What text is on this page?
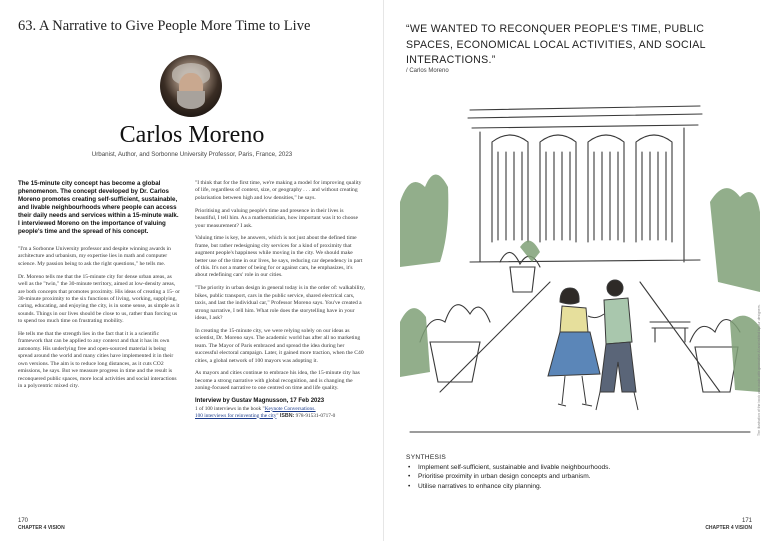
63. A Narrative to Give People More Time to Live
Carlos Moreno
Urbanist, Author, and Sorbonne University Professor, Paris, France, 2023

The 15-minute city concept has become a global phenomenon. The concept developed by Dr. Carlos Moreno promotes creating self-sufficient, sustainable, and livable neighbourhoods where people can access their daily needs and services within a 15-minute walk. I interviewed Moreno on the importance of valuing people's time and the spread of his concept.

"I'm a Sorbonne University professor and despite winning awards in architecture and urbanism, my expertise lies in math and computer science. My passion being to ask the right questions," he tells me.

Dr. Moreno tells me that the 15-minute city for dense urban areas, as well as the "twin," the 30-minute territory, aimed at low-density areas, are both concepts that promotes proximity. His ideas of creating a 15- or 30-minute proximity to the six functions of living, working, supplying, caring, educating, and enjoying the city, is in some sense, as simple as it sounds. Things in our lives should be close to us, rather than forcing us to spend too much time on frustrating mobility.

He tells me that the strength lies in the fact that it is a scientific framework that can be applied to any context and that it has its own autonomy. His underlying free and open-sourced material is being spread around the world and many cities have implemented it in their own versions. The aim is to reduce long distances, as it cuts CO2 emissions, he says. But we measure progress in time and the result is reconquered public spaces, more local activities and social interactions in a polycentric mixed city.

"I think that for the first time, we're making a model for improving quality of life, regardless of context, size, or geography . . . and without creating polarisation between high and low densities," he says.

Prioritising and valuing people's time and presence in their lives is beautiful, I tell him. As a mathematician, how important was it to choose your measurement? I ask.

Valuing time is key, he answers, which is not just about the defined time frame, but rather redesigning city services for a kind of proximity that augment people's happiness while moving in the city. We should make better use of the time in our lives, he says, reducing car dependency in part of this. It's not a matter of being for or against cars, he emphasizes, it's about redefining cars' role in our cities.

"The priority in urban design in general today is in the order of: walkability, bikes, public transport, cars in the public service, shared electrical cars, taxis, and last the individual car," Professor Moreno says. You've created a strong narrative, I tell him. What role does the storytelling have in your ideas, I ask?

In creating the 15-minute city, we were relying solely on our ideas as scientist, Dr. Moreno says. The academic world has after all no marketing team. The Mayor of Paris embraced and spread the idea during her successful electoral campaign. Later, it gained more traction, when the C40 cities, a global network of 100 mayors was adopting it.

As mayors and cities continue to embrace his idea, the 15-minute city has become a strong narrative with global recognition, and is changing the zoning-focused narrative to one centred on time and life quality.

Interview by Gustav Magnusson, 17 Feb 2023
1 of 100 interviews in the book "Keynote Conversations.
100 interviews for reinventing the city" ISBN: 978-91531-0717-0
170
CHAPTER 4 VISION
“WE WANTED TO RECONQUER PEOPLE'S TIME, PUBLIC SPACES, ECONOMICAL LOCAL ACTIVITIES, AND SOCIAL INTERACTIONS.”
/ Carlos Moreno
The illustration of the book was made with generative AI and edited by our designers.
SYNTHESIS
• Implement self-sufficient, sustainable and livable neighbourhoods.
• Prioritise proximity in urban design concepts and urbanism.
• Utilise narratives to enhance city planning.
171
CHAPTER 4 VISION
